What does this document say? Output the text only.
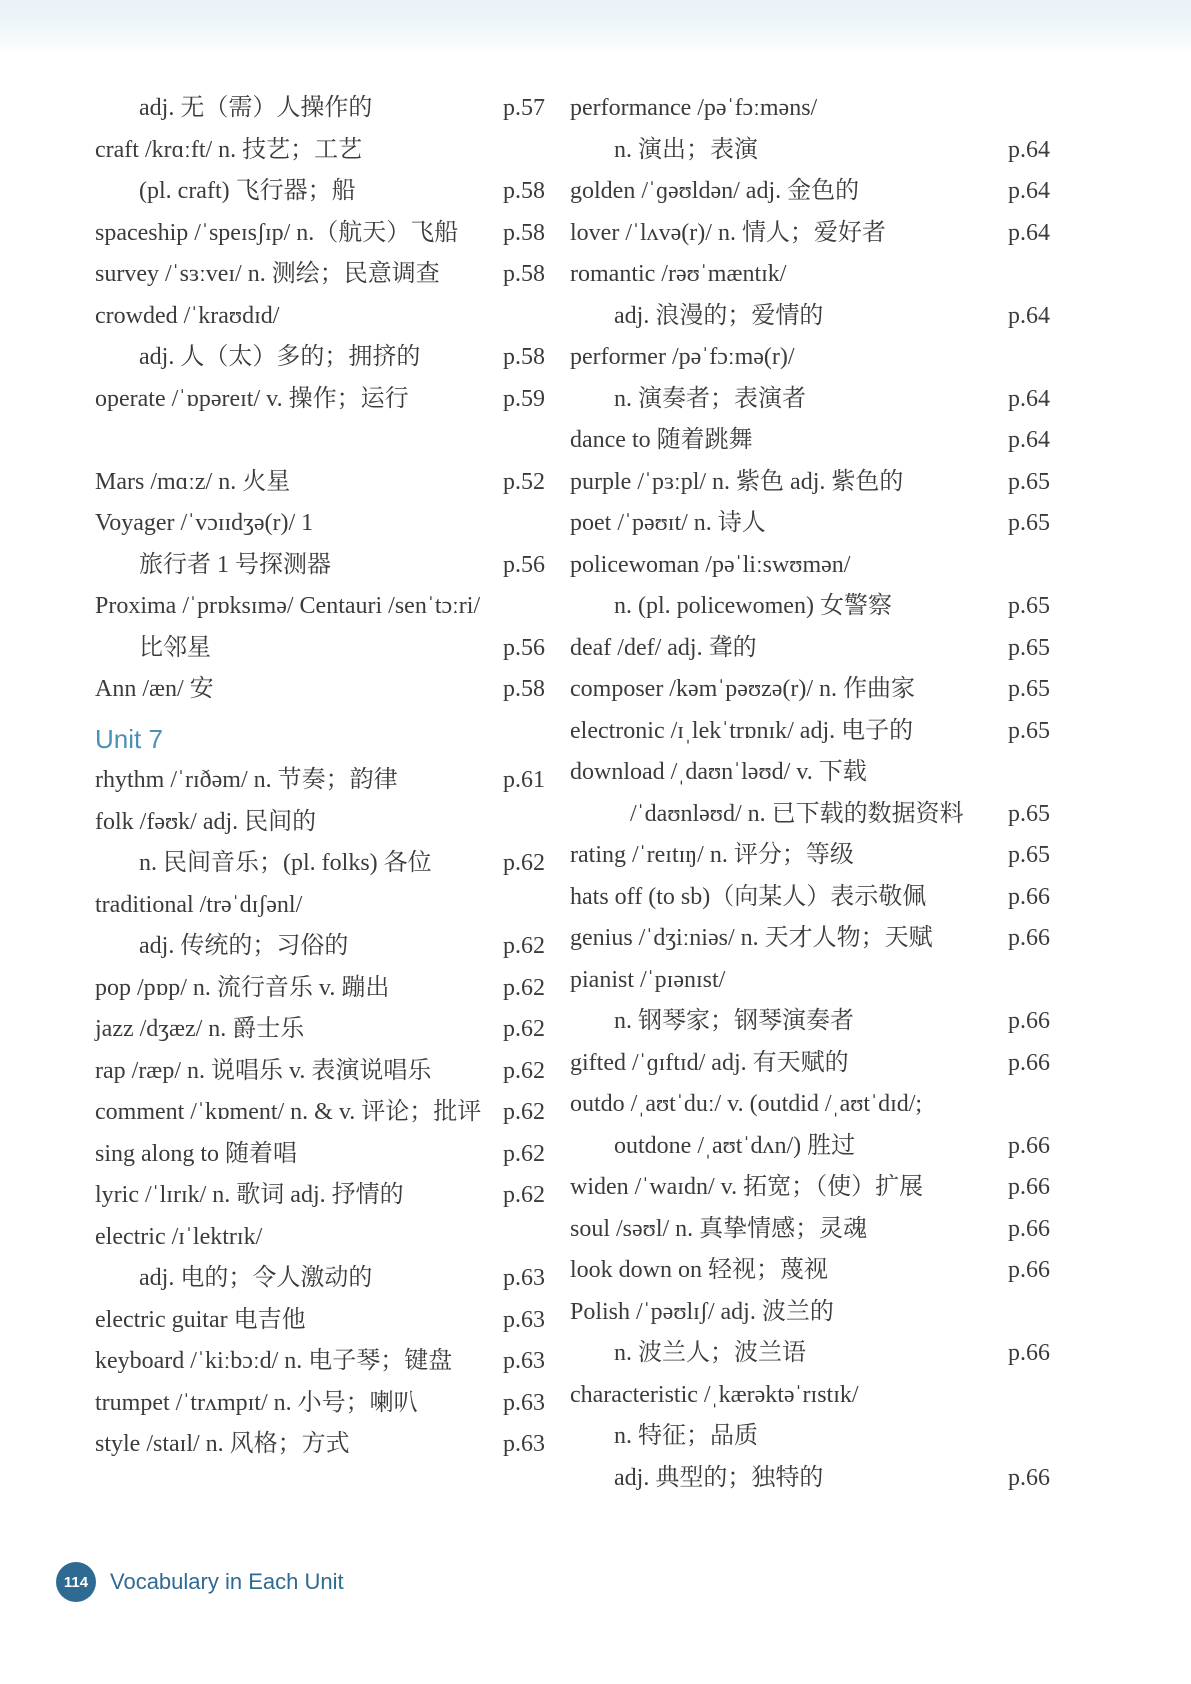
adj. 无（需）人操作的	p.57
craft /krɑːft/ n. 技艺；工艺
(pl. craft) 飞行器；船	p.58
spaceship /ˈspeɪsʃɪp/ n.（航天）飞船 p.58
survey /ˈsɜːveɪ/ n. 测绘；民意调查	p.58
crowded /ˈkraʊdɪd/
adj. 人（太）多的；拥挤的	p.58
operate /ˈɒpəreɪt/ v. 操作；运行	p.59
Mars /mɑːz/ n. 火星	p.52
Voyager /ˈvɔɪɪdʒə(r)/ 1
旅行者 1 号探测器	p.56
Proxima /ˈprɒksɪmə/ Centauri /senˈtɔːri/
比邻星	p.56
Ann /æn/ 安	p.58
Unit 7
rhythm /ˈrɪðəm/ n. 节奏；韵律	p.61
folk /fəʊk/ adj. 民间的
n. 民间音乐；(pl. folks) 各位	p.62
traditional /trəˈdɪʃənl/
adj. 传统的；习俗的	p.62
pop /pɒp/ n. 流行音乐 v. 蹦出	p.62
jazz /dʒæz/ n. 爵士乐	p.62
rap /ræp/ n. 说唱乐 v. 表演说唱乐	p.62
comment /ˈkɒment/ n. & v. 评论；批评 p.62
sing along to 随着唱	p.62
lyric /ˈlɪrɪk/ n. 歌词 adj. 抒情的	p.62
electric /ɪˈlektrɪk/
adj. 电的；令人激动的	p.63
electric guitar 电吉他	p.63
keyboard /ˈkiːbɔːd/ n. 电子琴；键盘 p.63
trumpet /ˈtrʌmpɪt/ n. 小号；喇叭	p.63
style /staɪl/ n. 风格；方式	p.63
performance /pəˈfɔːməns/
n. 演出；表演	p.64
golden /ˈɡəʊldən/ adj. 金色的	p.64
lover /ˈlʌvə(r)/ n. 情人；爱好者	p.64
romantic /rəʊˈmæntɪk/
adj. 浪漫的；爱情的	p.64
performer /pəˈfɔːmə(r)/
n. 演奏者；表演者	p.64
dance to 随着跳舞	p.64
purple /ˈpɜːpl/ n. 紫色 adj. 紫色的	p.65
poet /ˈpəʊɪt/ n. 诗人	p.65
policewoman /pəˈliːswʊmən/
n. (pl. policewomen) 女警察	p.65
deaf /def/ adj. 聋的	p.65
composer /kəmˈpəʊzə(r)/ n. 作曲家	p.65
electronic /ɪˌlekˈtrɒnɪk/ adj. 电子的	p.65
download /ˌdaʊnˈləʊd/ v. 下载
/ˈdaʊnləʊd/ n. 已下载的数据资料 p.65
rating /ˈreɪtɪŋ/ n. 评分；等级	p.65
hats off (to sb)（向某人）表示敬佩	p.66
genius /ˈdʒiːniəs/ n. 天才人物；天赋	p.66
pianist /ˈpɪənɪst/
n. 钢琴家；钢琴演奏者	p.66
gifted /ˈɡɪftɪd/ adj. 有天赋的	p.66
outdo /ˌaʊtˈduː/ v. (outdid /ˌaʊtˈdɪd/;
outdone /ˌaʊtˈdʌn/) 胜过	p.66
widen /ˈwaɪdn/ v. 拓宽；（使）扩展	p.66
soul /səʊl/ n. 真挚情感；灵魂	p.66
look down on 轻视；蔑视	p.66
Polish /ˈpəʊlɪʃ/ adj. 波兰的
n. 波兰人；波兰语	p.66
characteristic /ˌkærəktəˈrɪstɪk/
n. 特征；品质
adj. 典型的；独特的	p.66
114 Vocabulary in Each Unit
